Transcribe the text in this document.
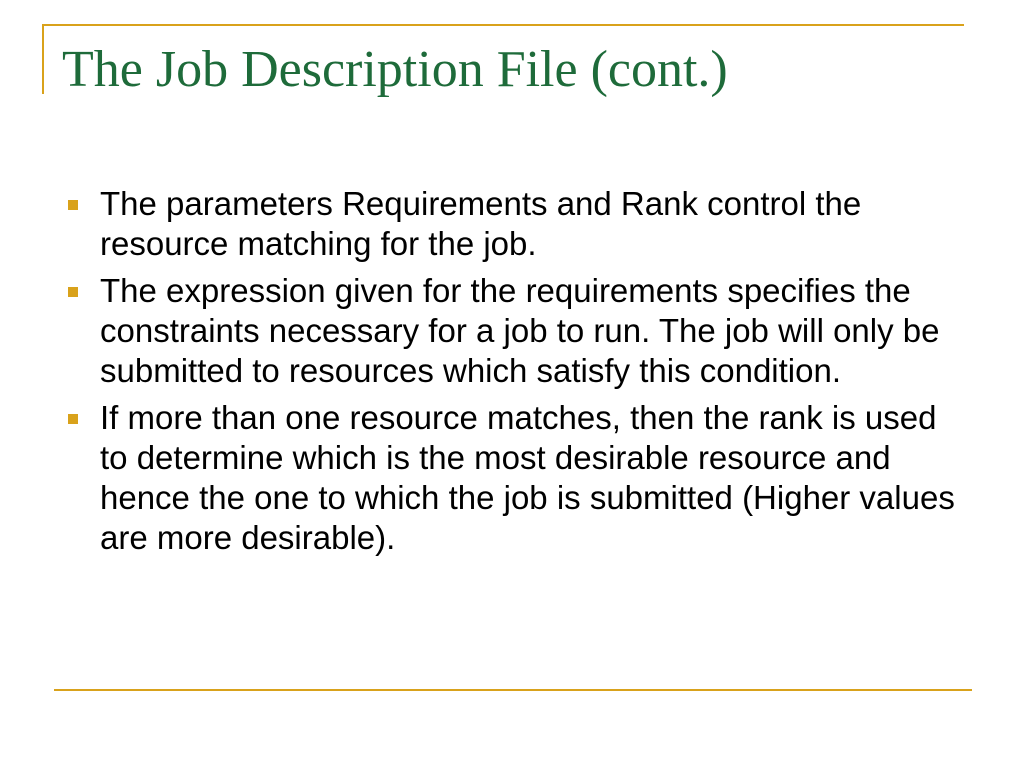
The Job Description File (cont.)
The parameters Requirements and Rank control the resource matching for the job.
The expression given for the requirements specifies the constraints necessary for a job to run. The job will only be submitted to resources which satisfy this condition.
If more than one resource matches, then the rank is used to determine which is the most desirable resource and hence the one to which the job is submitted (Higher values are more desirable).
